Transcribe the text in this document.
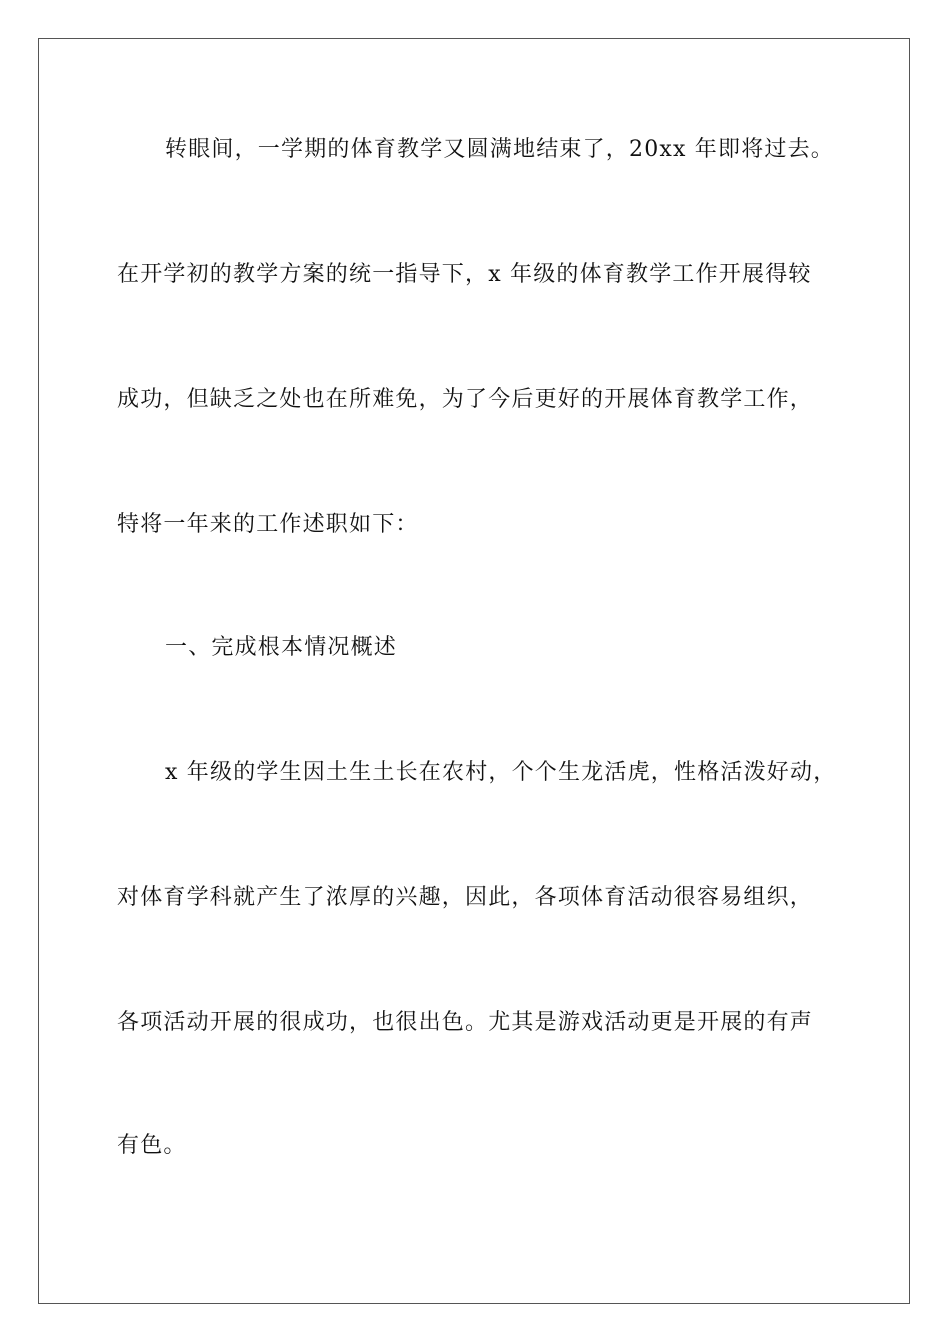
转眼间，一学期的体育教学又圆满地结束了，20xx 年即将过去。
在开学初的教学方案的统一指导下，x 年级的体育教学工作开展得较
成功，但缺乏之处也在所难免，为了今后更好的开展体育教学工作，
特将一年来的工作述职如下：
一、完成根本情况概述
x 年级的学生因土生土长在农村，个个生龙活虎，性格活泼好动，
对体育学科就产生了浓厚的兴趣，因此，各项体育活动很容易组织，
各项活动开展的很成功，也很出色。尤其是游戏活动更是开展的有声
有色。
